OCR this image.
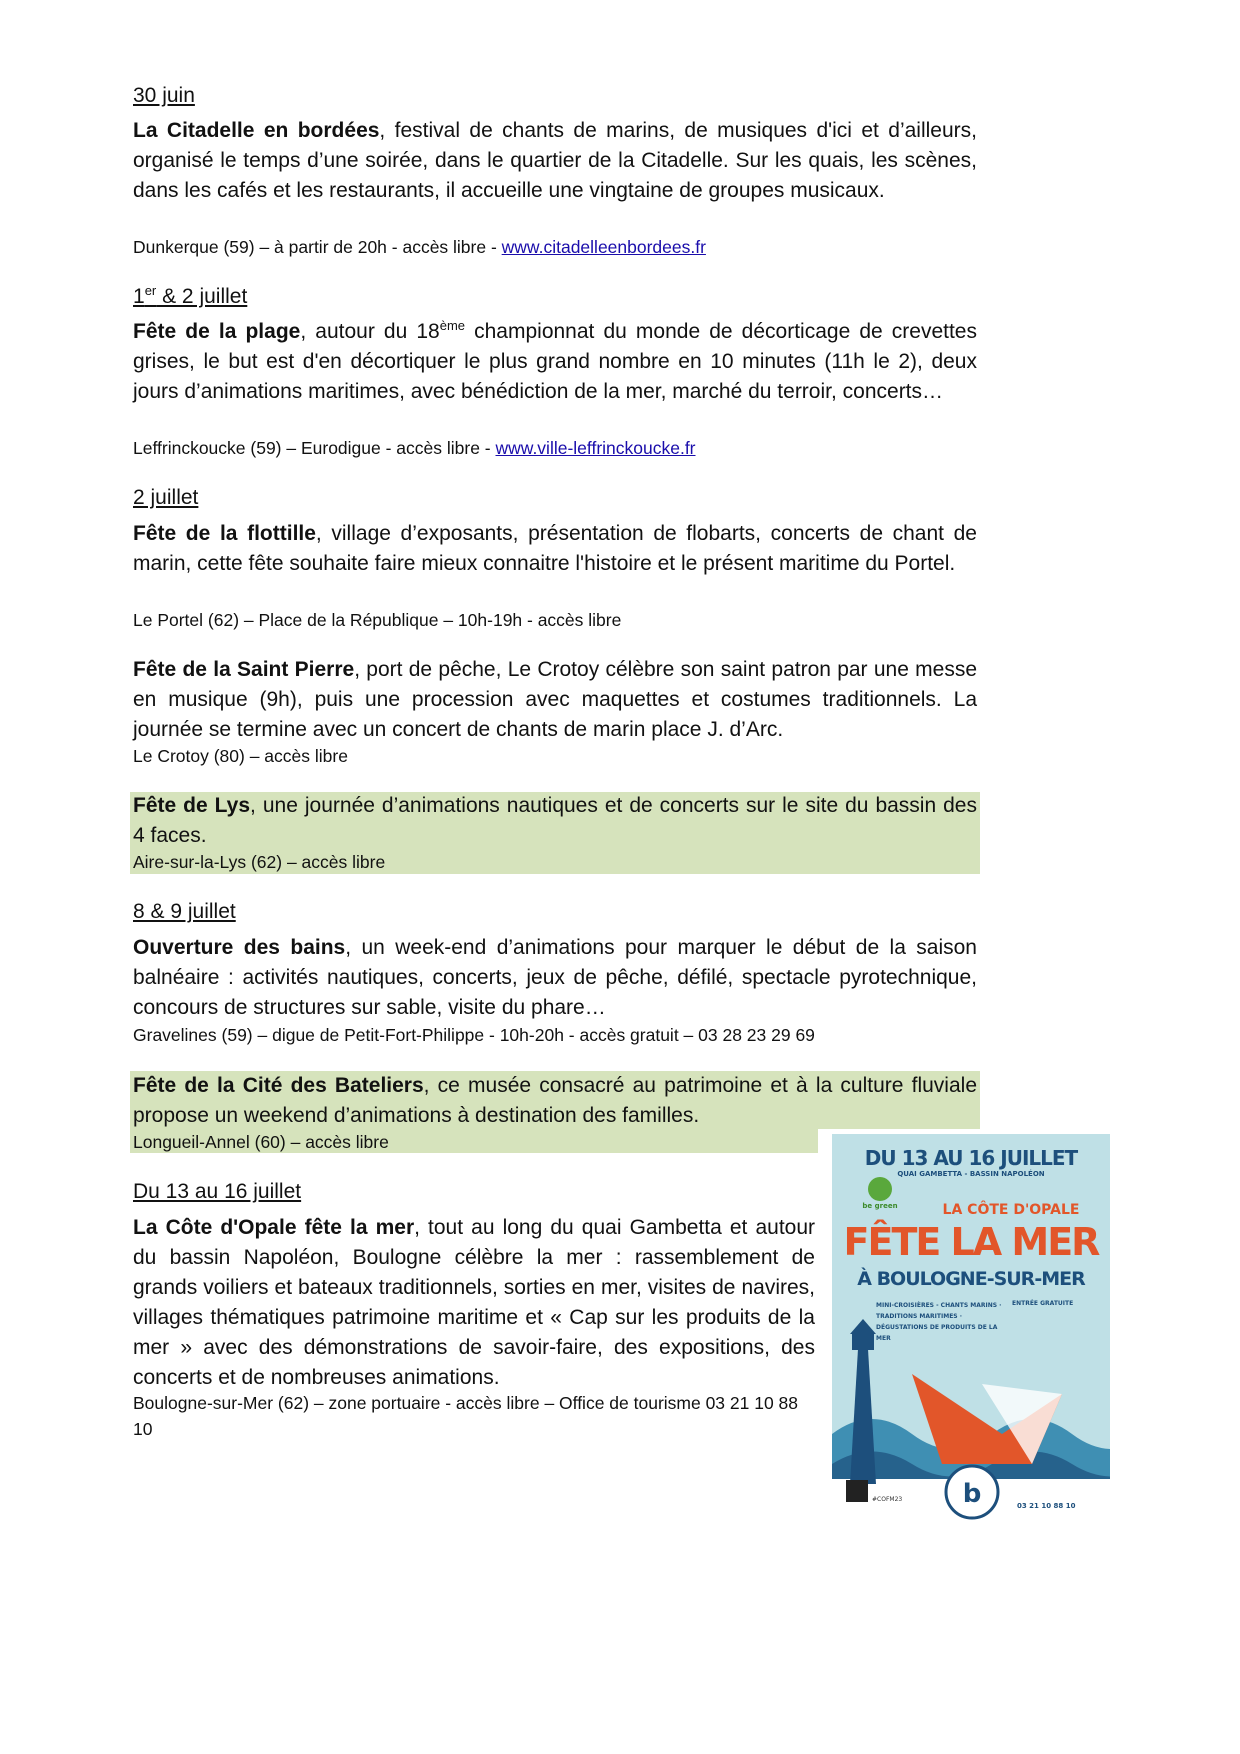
30 juin
La Citadelle en bordées, festival de chants de marins, de musiques d'ici et d’ailleurs, organisé le temps d’une soirée, dans le quartier de la Citadelle. Sur les quais, les scènes, dans les cafés et les restaurants, il accueille une vingtaine de groupes musicaux.
Dunkerque (59) – à partir de 20h - accès libre - www.citadelleenbordees.fr
1er & 2 juillet
Fête de la plage, autour du 18ème championnat du monde de décorticage de crevettes grises, le but est d'en décortiquer le plus grand nombre en 10 minutes (11h le 2), deux jours d’animations maritimes, avec bénédiction de la mer, marché du terroir, concerts…
Leffrinckoucke (59) – Eurodigue - accès libre - www.ville-leffrinckoucke.fr
2 juillet
Fête de la flottille, village d’exposants, présentation de flobarts, concerts de chant de marin, cette fête souhaite faire mieux connaitre l'histoire et le présent maritime du Portel.
Le Portel (62) – Place de la République – 10h-19h - accès libre
Fête de la Saint Pierre, port de pêche, Le Crotoy célèbre son saint patron par une messe en musique (9h), puis une procession avec maquettes et costumes traditionnels. La journée se termine avec un concert de chants de marin place J. d’Arc.
Le Crotoy (80) – accès libre
Fête de Lys, une journée d’animations nautiques et de concerts sur le site du bassin des 4 faces.
Aire-sur-la-Lys (62) – accès libre
8 & 9 juillet
Ouverture des bains, un week-end d’animations pour marquer le début de la saison balnéaire : activités nautiques, concerts, jeux de pêche, défilé, spectacle pyrotechnique, concours de structures sur sable, visite du phare…
Gravelines (59) – digue de Petit-Fort-Philippe - 10h-20h - accès gratuit – 03 28 23 29 69
Fête de la Cité des Bateliers, ce musée consacré au patrimoine et à la culture fluviale propose un weekend d’animations à destination des familles.
Longueil-Annel (60) – accès libre
Du 13 au 16 juillet
La Côte d'Opale fête la mer, tout au long du quai Gambetta et autour du bassin Napoléon, Boulogne célèbre la mer : rassemblement de grands voiliers et bateaux traditionnels, sorties en mer, visites de navires, villages thématiques patrimoine maritime et « Cap sur les produits de la mer » avec des démonstrations de savoir-faire, des expositions, des concerts et de nombreuses animations.
Boulogne-sur-Mer (62) – zone portuaire - accès libre – Office de tourisme 03 21 10 88 10
b
DU 13 AU 16 JUILLET
QUAI GAMBETTA - BASSIN NAPOLÉON
LA CÔTE D'OPALE
FÊTE LA MER
À BOULOGNE-SUR-MER
MINI-CROISIÈRES - CHANTS MARINS · TRADITIONS MARITIMES · DÉGUSTATIONS DE PRODUITS DE LA MER
ENTRÉE GRATUITE
be green
#COFM23
03 21 10 88 10
